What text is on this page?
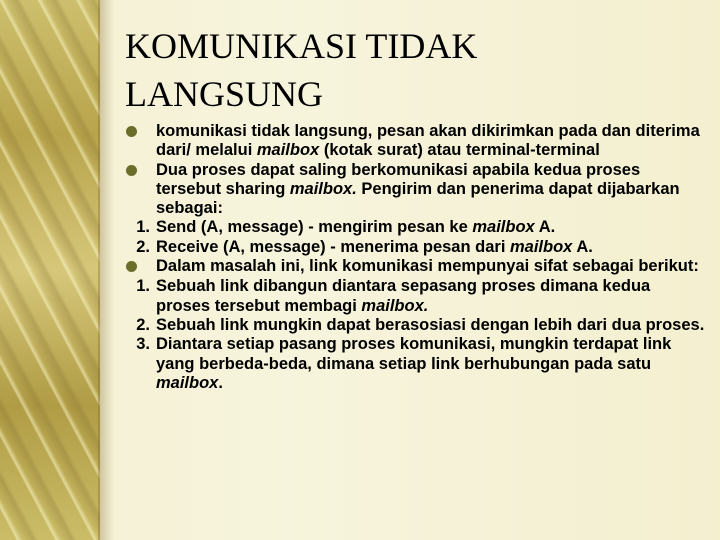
KOMUNIKASI TIDAK
LANGSUNG
komunikasi tidak langsung, pesan akan dikirimkan pada dan diterima dari/ melalui mailbox (kotak surat) atau terminal-terminal
Dua proses dapat saling berkomunikasi apabila kedua proses tersebut sharing mailbox. Pengirim dan penerima dapat dijabarkan sebagai:
1. Send (A, message) - mengirim pesan ke mailbox A.
2. Receive (A, message) - menerima pesan dari mailbox A.
Dalam masalah ini, link komunikasi mempunyai sifat sebagai berikut:
1. Sebuah link dibangun diantara sepasang proses dimana kedua proses tersebut membagi mailbox.
2. Sebuah link mungkin dapat berasosiasi dengan lebih dari dua proses.
3. Diantara setiap pasang proses komunikasi, mungkin terdapat link yang berbeda-beda, dimana setiap link berhubungan pada satu mailbox.
